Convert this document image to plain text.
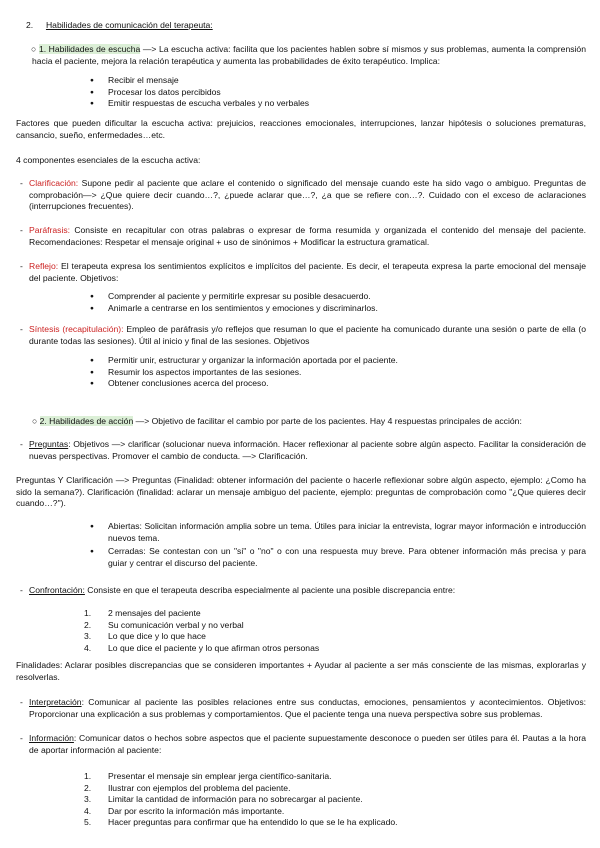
2. Habilidades de comunicación del terapeuta:
○ 1. Habilidades de escucha —> La escucha activa: facilita que los pacientes hablen sobre sí mismos y sus problemas, aumenta la comprensión hacia el paciente, mejora la relación terapéutica y aumenta las probabilidades de éxito terapéutico. Implica:
● Recibir el mensaje
● Procesar los datos percibidos
● Emitir respuestas de escucha verbales y no verbales
Factores que pueden dificultar la escucha activa: prejuicios, reacciones emocionales, interrupciones, lanzar hipótesis o soluciones prematuras, cansancio, sueño, enfermedades…etc.
4 componentes esenciales de la escucha activa:
- Clarificación: Supone pedir al paciente que aclare el contenido o significado del mensaje cuando este ha sido vago o ambiguo. Preguntas de comprobación—> ¿Que quiere decir cuando…?, ¿puede aclarar que…?, ¿a que se refiere con…?. Cuidado con el exceso de aclaraciones (interrupciones frecuentes).
- Paráfrasis: Consiste en recapitular con otras palabras o expresar de forma resumida y organizada el contenido del mensaje del paciente. Recomendaciones: Respetar el mensaje original + uso de sinónimos + Modificar la estructura gramatical.
- Reflejo: El terapeuta expresa los sentimientos explícitos e implícitos del paciente. Es decir, el terapeuta expresa la parte emocional del mensaje del paciente. Objetivos:
● Comprender al paciente y permitirle expresar su posible desacuerdo.
● Animarle a centrarse en los sentimientos y emociones y discriminarlos.
- Síntesis (recapitulación): Empleo de paráfrasis y/o reflejos que resuman lo que el paciente ha comunicado durante una sesión o parte de ella (o durante todas las sesiones). Útil al inicio y final de las sesiones. Objetivos
● Permitir unir, estructurar y organizar la información aportada por el paciente.
● Resumir los aspectos importantes de las sesiones.
● Obtener conclusiones acerca del proceso.
○ 2. Habilidades de acción —> Objetivo de facilitar el cambio por parte de los pacientes. Hay 4 respuestas principales de acción:
- Preguntas: Objetivos —> clarificar (solucionar nueva información. Hacer reflexionar al paciente sobre algún aspecto. Facilitar la consideración de nuevas perspectivas. Promover el cambio de conducta. —> Clarificación.
Preguntas Y Clarificación —> Preguntas (Finalidad: obtener información del paciente o hacerle reflexionar sobre algún aspecto, ejemplo: ¿Como ha sido la semana?). Clarificación (finalidad: aclarar un mensaje ambiguo del paciente, ejemplo: preguntas de comprobación como "¿Que quieres decir cuando…?").
● Abiertas: Solicitan información amplia sobre un tema. Útiles para iniciar la entrevista, lograr mayor información e introducción nuevos tema.
● Cerradas: Se contestan con un "si" o "no" o con una respuesta muy breve. Para obtener información más precisa y para guiar y centrar el discurso del paciente.
- Confrontación: Consiste en que el terapeuta describa especialmente al paciente una posible discrepancia entre:
1.	2 mensajes del paciente
2.	Su comunicación verbal y no verbal
3.	Lo que dice y lo que hace
4.	Lo que dice el paciente y lo que afirman otros personas
Finalidades: Aclarar posibles discrepancias que se consideren importantes + Ayudar al paciente a ser más consciente de las mismas, explorarlas y resolverlas.
- Interpretación: Comunicar al paciente las posibles relaciones entre sus conductas, emociones, pensamientos y acontecimientos. Objetivos: Proporcionar una explicación a sus problemas y comportamientos. Que el paciente tenga una nueva perspectiva sobre sus problemas.
- Información: Comunicar datos o hechos sobre aspectos que el paciente supuestamente desconoce o pueden ser útiles para él. Pautas a la hora de aportar información al paciente:
1.	Presentar el mensaje sin emplear jerga científico-sanitaria.
2.	Ilustrar con ejemplos del problema del paciente.
3.	Limitar la cantidad de información para no sobrecargar al paciente.
4.	Dar por escrito la información más importante.
5.	Hacer preguntas para confirmar que ha entendido lo que se le ha explicado.
